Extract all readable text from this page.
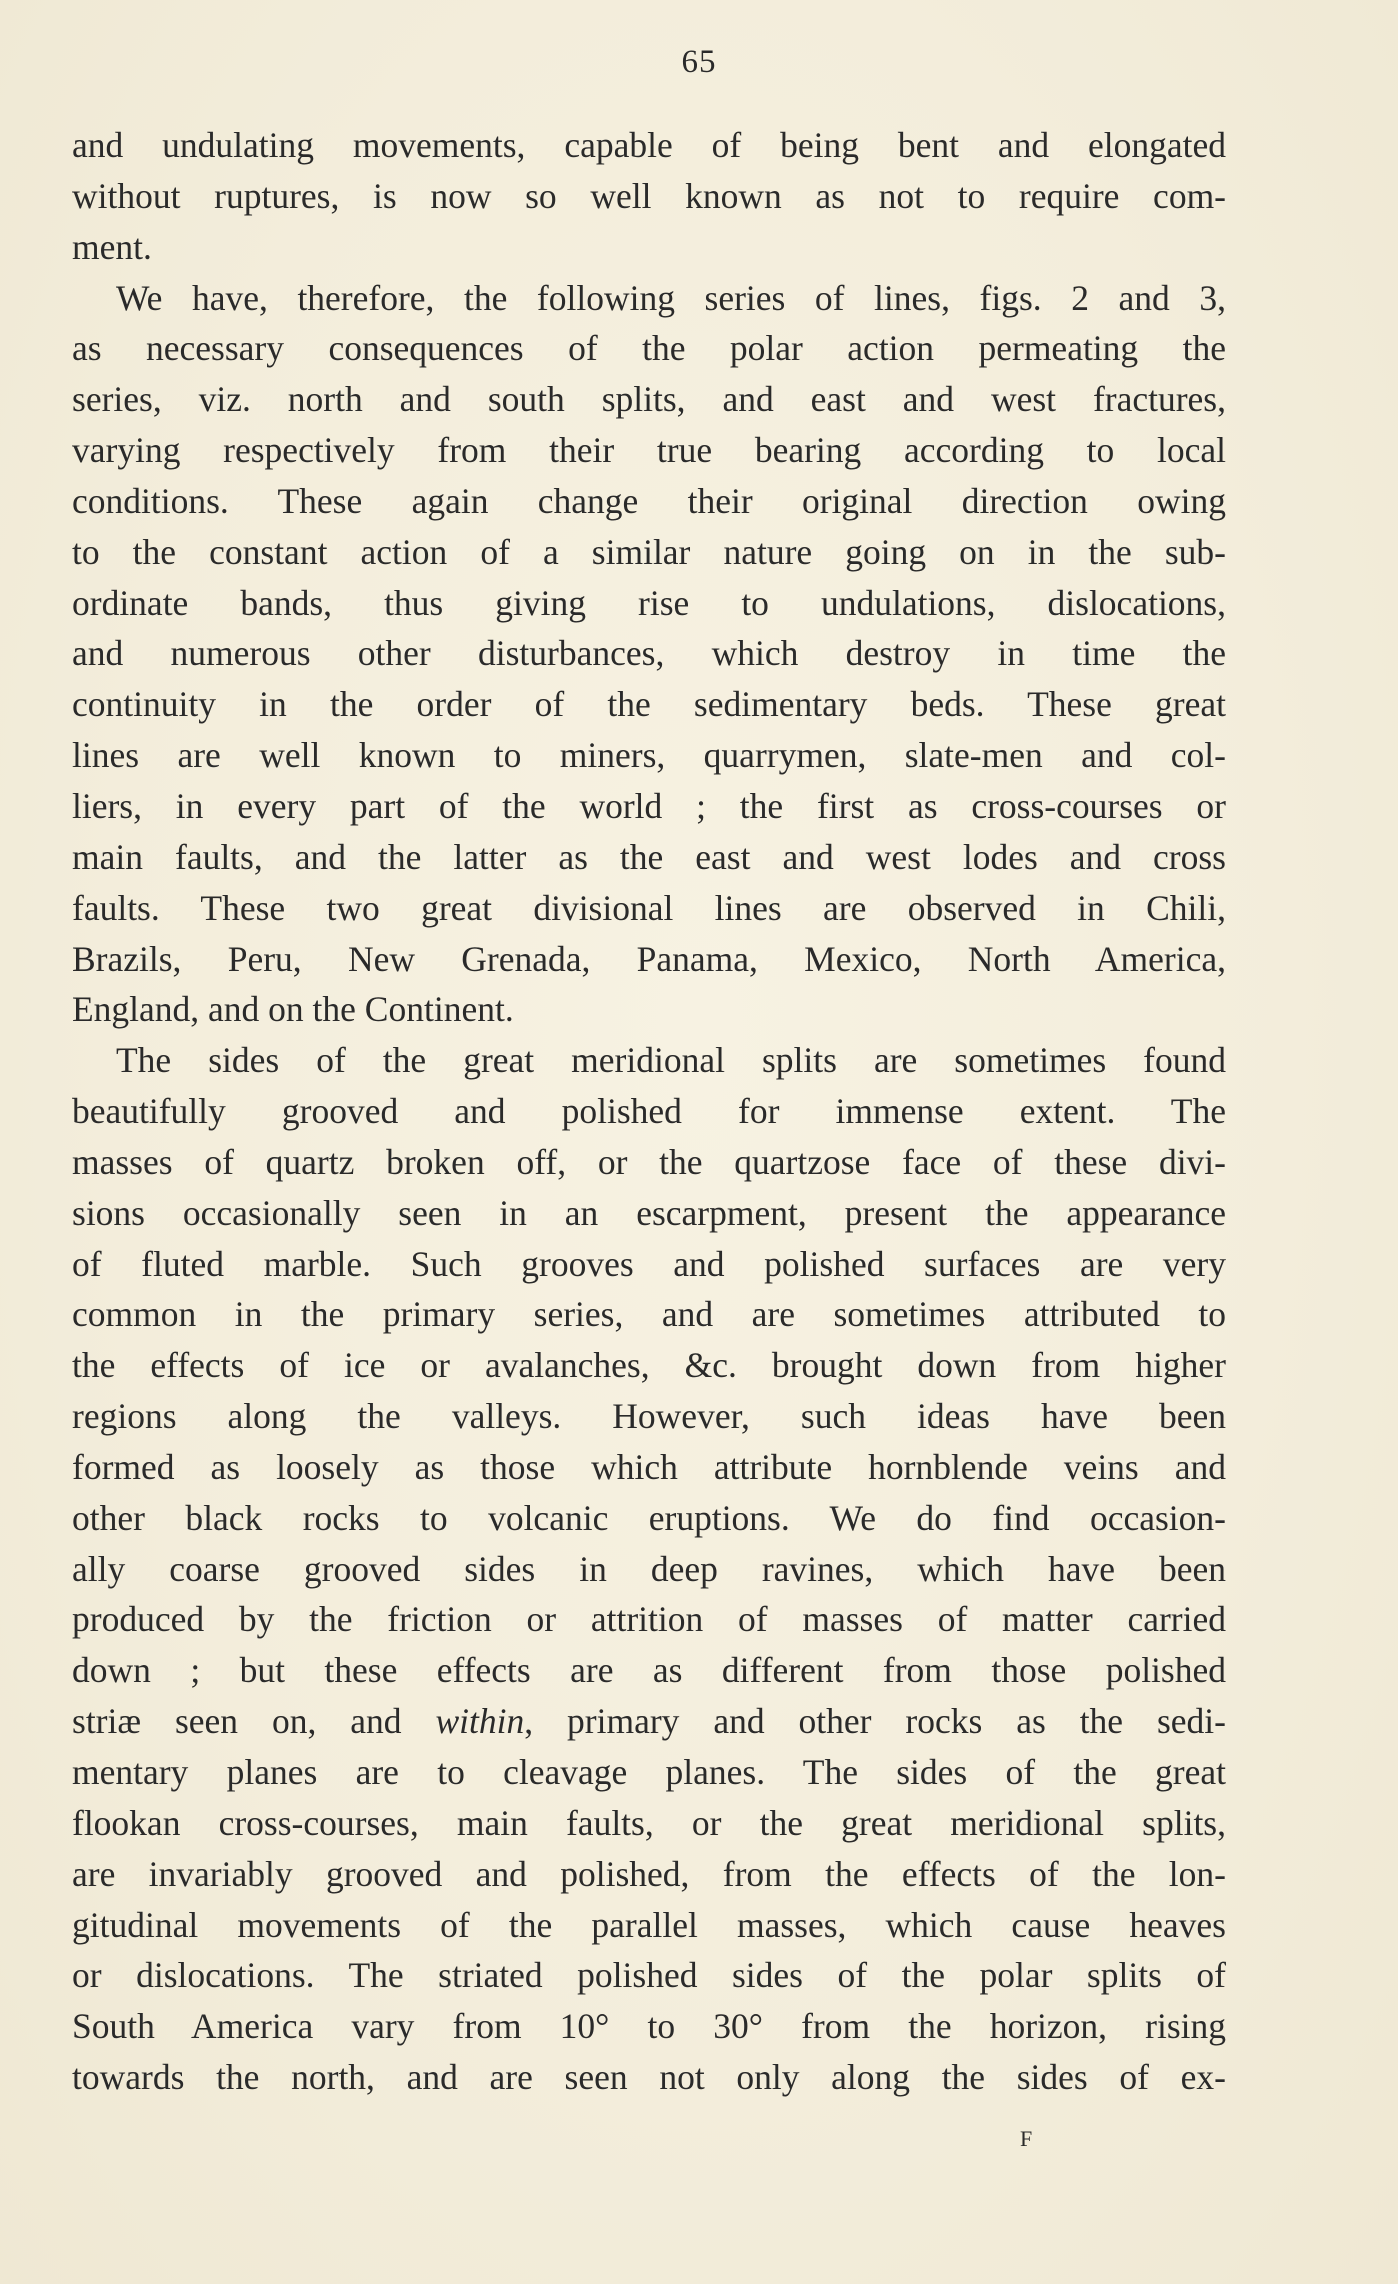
65
and undulating movements, capable of being bent and elongated
without ruptures, is now so well known as not to require com-
ment.
We have, therefore, the following series of lines, figs. 2 and 3,
as necessary consequences of the polar action permeating the
series, viz. north and south splits, and east and west fractures,
varying respectively from their true bearing according to local
conditions. These again change their original direction owing
to the constant action of a similar nature going on in the sub-
ordinate bands, thus giving rise to undulations, dislocations,
and numerous other disturbances, which destroy in time the
continuity in the order of the sedimentary beds. These great
lines are well known to miners, quarrymen, slate-men and col-
liers, in every part of the world ; the first as cross-courses or
main faults, and the latter as the east and west lodes and cross
faults. These two great divisional lines are observed in Chili,
Brazils, Peru, New Grenada, Panama, Mexico, North America,
England, and on the Continent.
The sides of the great meridional splits are sometimes found
beautifully grooved and polished for immense extent. The
masses of quartz broken off, or the quartzose face of these divi-
sions occasionally seen in an escarpment, present the appearance
of fluted marble. Such grooves and polished surfaces are very
common in the primary series, and are sometimes attributed to
the effects of ice or avalanches, &c. brought down from higher
regions along the valleys. However, such ideas have been
formed as loosely as those which attribute hornblende veins and
other black rocks to volcanic eruptions. We do find occasion-
ally coarse grooved sides in deep ravines, which have been
produced by the friction or attrition of masses of matter carried
down ; but these effects are as different from those polished
striæ seen on, and within, primary and other rocks as the sedi-
mentary planes are to cleavage planes. The sides of the great
flookan cross-courses, main faults, or the great meridional splits,
are invariably grooved and polished, from the effects of the lon-
gitudinal movements of the parallel masses, which cause heaves
or dislocations. The striated polished sides of the polar splits of
South America vary from 10° to 30° from the horizon, rising
towards the north, and are seen not only along the sides of ex-
F
